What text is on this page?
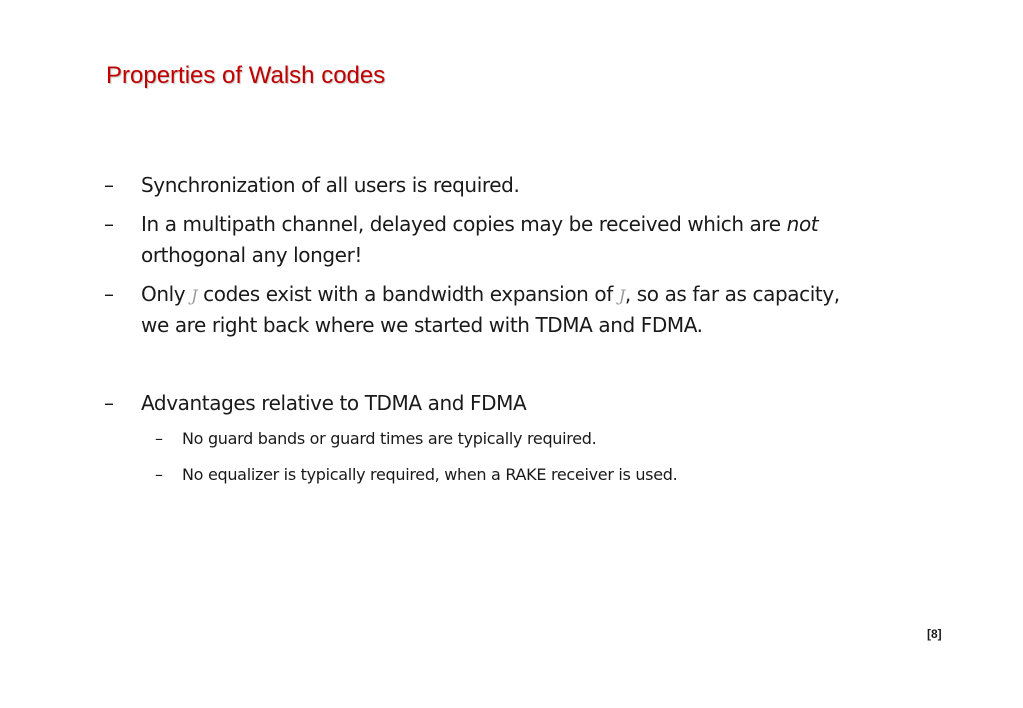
Properties of Walsh codes
– Synchronization of all users is required.
– In a multipath channel, delayed copies may be received which are not
orthogonal any longer!
– Only J codes exist with a bandwidth expansion of J, so as far as capacity,
we are right back where we started with TDMA and FDMA.
– Advantages relative to TDMA and FDMA
– No guard bands or guard times are typically required.
– No equalizer is typically required, when a RAKE receiver is used.
[8]
